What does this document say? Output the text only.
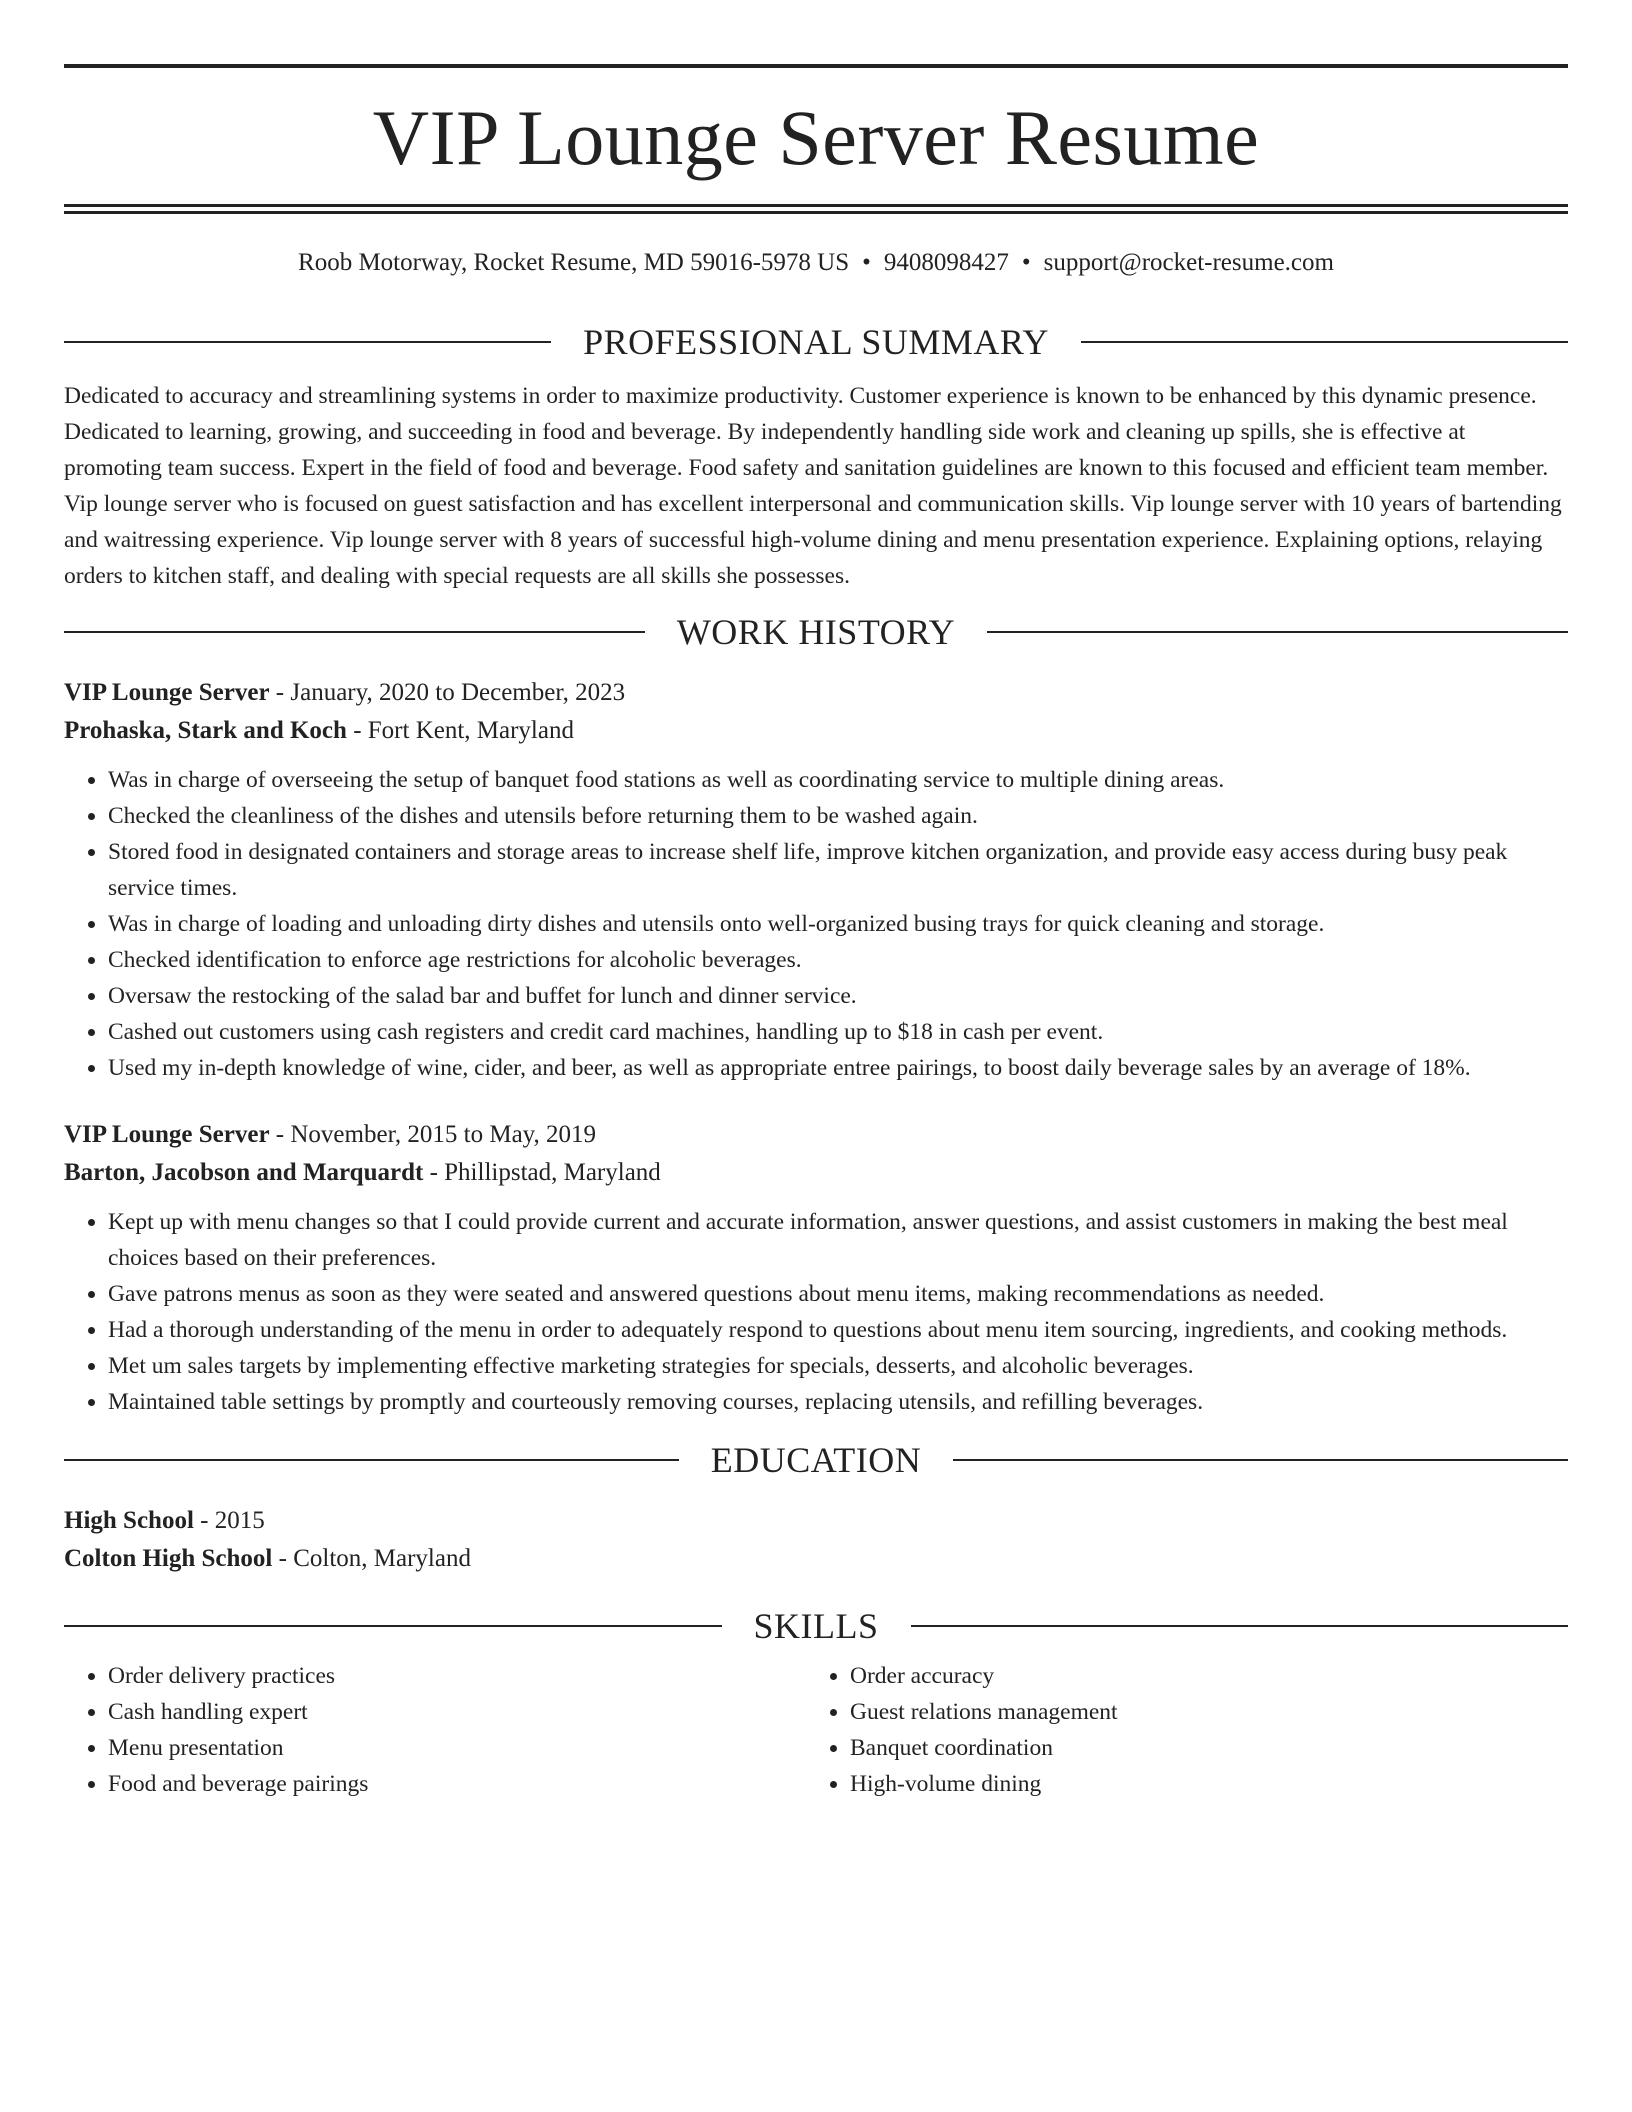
VIP Lounge Server Resume
Roob Motorway, Rocket Resume, MD 59016-5978 US • 9408098427 • support@rocket-resume.com
PROFESSIONAL SUMMARY
Dedicated to accuracy and streamlining systems in order to maximize productivity. Customer experience is known to be enhanced by this dynamic presence. Dedicated to learning, growing, and succeeding in food and beverage. By independently handling side work and cleaning up spills, she is effective at promoting team success. Expert in the field of food and beverage. Food safety and sanitation guidelines are known to this focused and efficient team member. Vip lounge server who is focused on guest satisfaction and has excellent interpersonal and communication skills. Vip lounge server with 10 years of bartending and waitressing experience. Vip lounge server with 8 years of successful high-volume dining and menu presentation experience. Explaining options, relaying orders to kitchen staff, and dealing with special requests are all skills she possesses.
WORK HISTORY
VIP Lounge Server - January, 2020 to December, 2023
Prohaska, Stark and Koch - Fort Kent, Maryland
• Was in charge of overseeing the setup of banquet food stations as well as coordinating service to multiple dining areas.
• Checked the cleanliness of the dishes and utensils before returning them to be washed again.
• Stored food in designated containers and storage areas to increase shelf life, improve kitchen organization, and provide easy access during busy peak service times.
• Was in charge of loading and unloading dirty dishes and utensils onto well-organized busing trays for quick cleaning and storage.
• Checked identification to enforce age restrictions for alcoholic beverages.
• Oversaw the restocking of the salad bar and buffet for lunch and dinner service.
• Cashed out customers using cash registers and credit card machines, handling up to $18 in cash per event.
• Used my in-depth knowledge of wine, cider, and beer, as well as appropriate entree pairings, to boost daily beverage sales by an average of 18%.
VIP Lounge Server - November, 2015 to May, 2019
Barton, Jacobson and Marquardt - Phillipstad, Maryland
• Kept up with menu changes so that I could provide current and accurate information, answer questions, and assist customers in making the best meal choices based on their preferences.
• Gave patrons menus as soon as they were seated and answered questions about menu items, making recommendations as needed.
• Had a thorough understanding of the menu in order to adequately respond to questions about menu item sourcing, ingredients, and cooking methods.
• Met um sales targets by implementing effective marketing strategies for specials, desserts, and alcoholic beverages.
• Maintained table settings by promptly and courteously removing courses, replacing utensils, and refilling beverages.
EDUCATION
High School - 2015
Colton High School - Colton, Maryland
SKILLS
• Order delivery practices
• Cash handling expert
• Menu presentation
• Food and beverage pairings
• Order accuracy
• Guest relations management
• Banquet coordination
• High-volume dining
